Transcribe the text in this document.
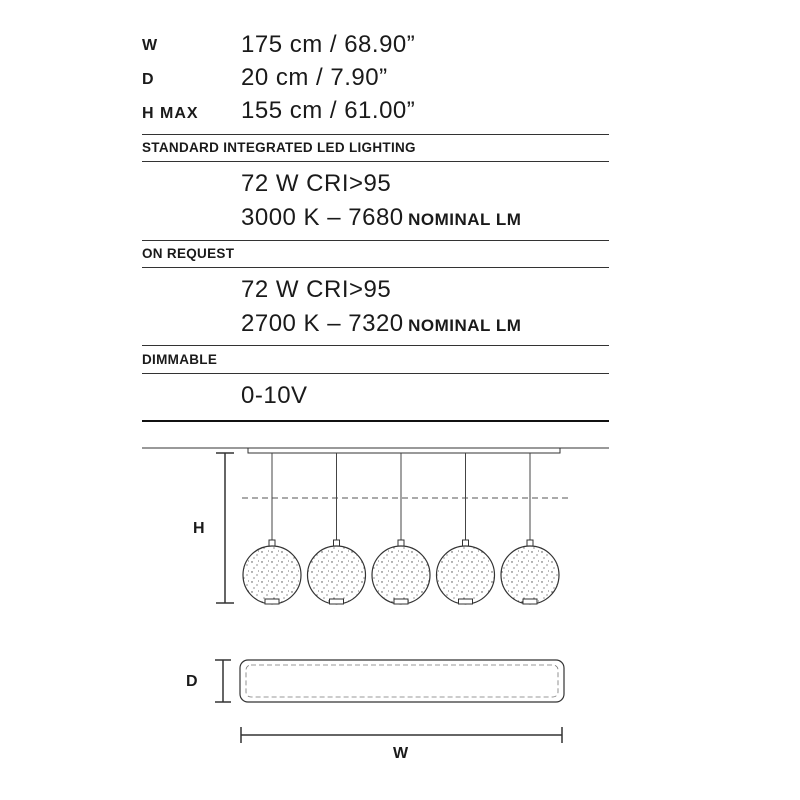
W	175 cm / 68.90”
D	20 cm / 7.90”
H MAX 155 cm / 61.00”
STANDARD INTEGRATED LED LIGHTING
72 W CRI>95
3000 K – 7680 NOMINAL LM
ON REQUEST
72 W CRI>95
2700 K – 7320 NOMINAL LM
DIMMABLE
0-10V
H
D
W
